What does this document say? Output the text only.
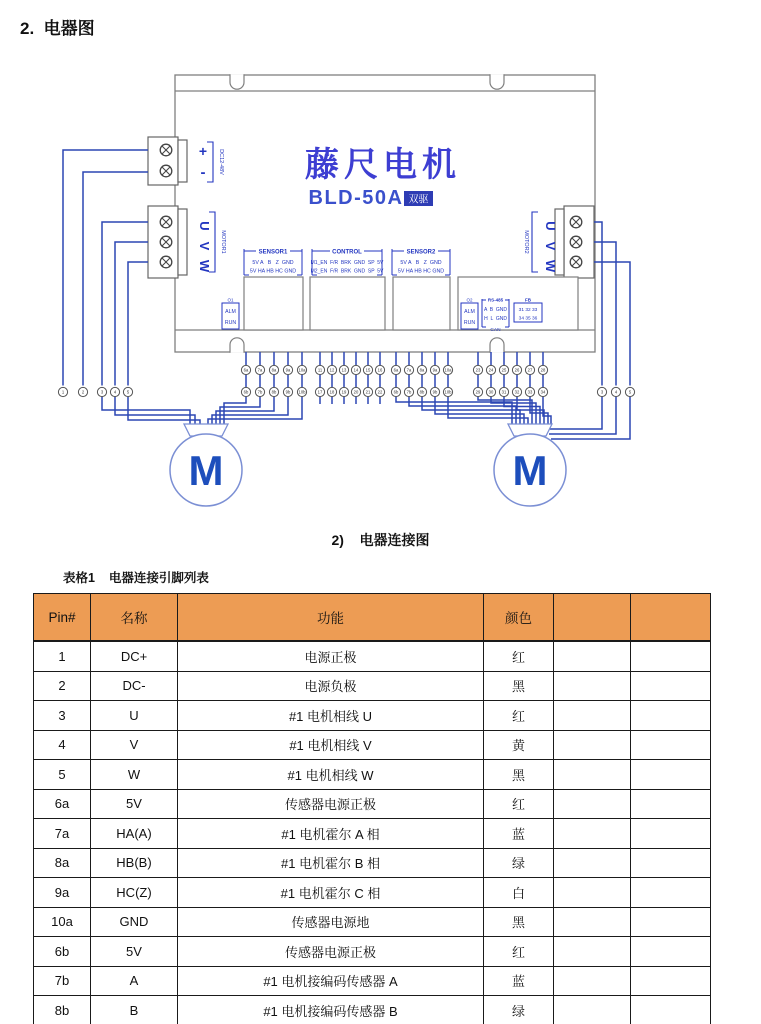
2.  电器图
藤尺电机
BLD-50A 双驱
+
- DC12-48V
MOTOR1	MOTOR2
SENSOR1
5V A   B   Z  GND
5V HA HB HC GND
CONTROL
M1_EN  F/R  BRK  GND  SP  5V
M2_EN  F/R  BRK  GND  SP  5V
SENSOR2
5V A   B   Z  GND
5V HA HB HC GND
O1
ALM
RUN
O2
ALM
RUN
RS-485
A  B  GND
H  L  GND
CAN
FB
31 32 33
34 35 36
U
V
W
U
V
W
M	M
1	2	3	4	5
6a 7a 8a 9a 10a
6b 7b 8b 9b 10b
11 12 13 14 15 16
17 18 19 20 21 22
6a 7a 8a 9a 10a
6b 7b 8b 9b 10b
23 24 25 26 27 28
29 30 31 32 33 34	3	4	5
2)    电器连接图
表格1    电器连接引脚列表
Pin#	名称	功能	颜色		
1	DC+	电源正极	红		
2	DC-	电源负极	黑		
3	U	#1 电机相线 U	红		
4	V	#1 电机相线 V	黄		
5	W	#1 电机相线 W	黑		
6a	5V	传感器电源正极	红		
7a	HA(A)	#1 电机霍尔 A 相	蓝		
8a	HB(B)	#1 电机霍尔 B 相	绿		
9a	HC(Z)	#1 电机霍尔 C 相	白		
10a	GND	传感器电源地	黑		
6b	5V	传感器电源正极	红		
7b	A	#1 电机接编码传感器 A	蓝		
8b	B	#1 电机接编码传感器 B	绿		
